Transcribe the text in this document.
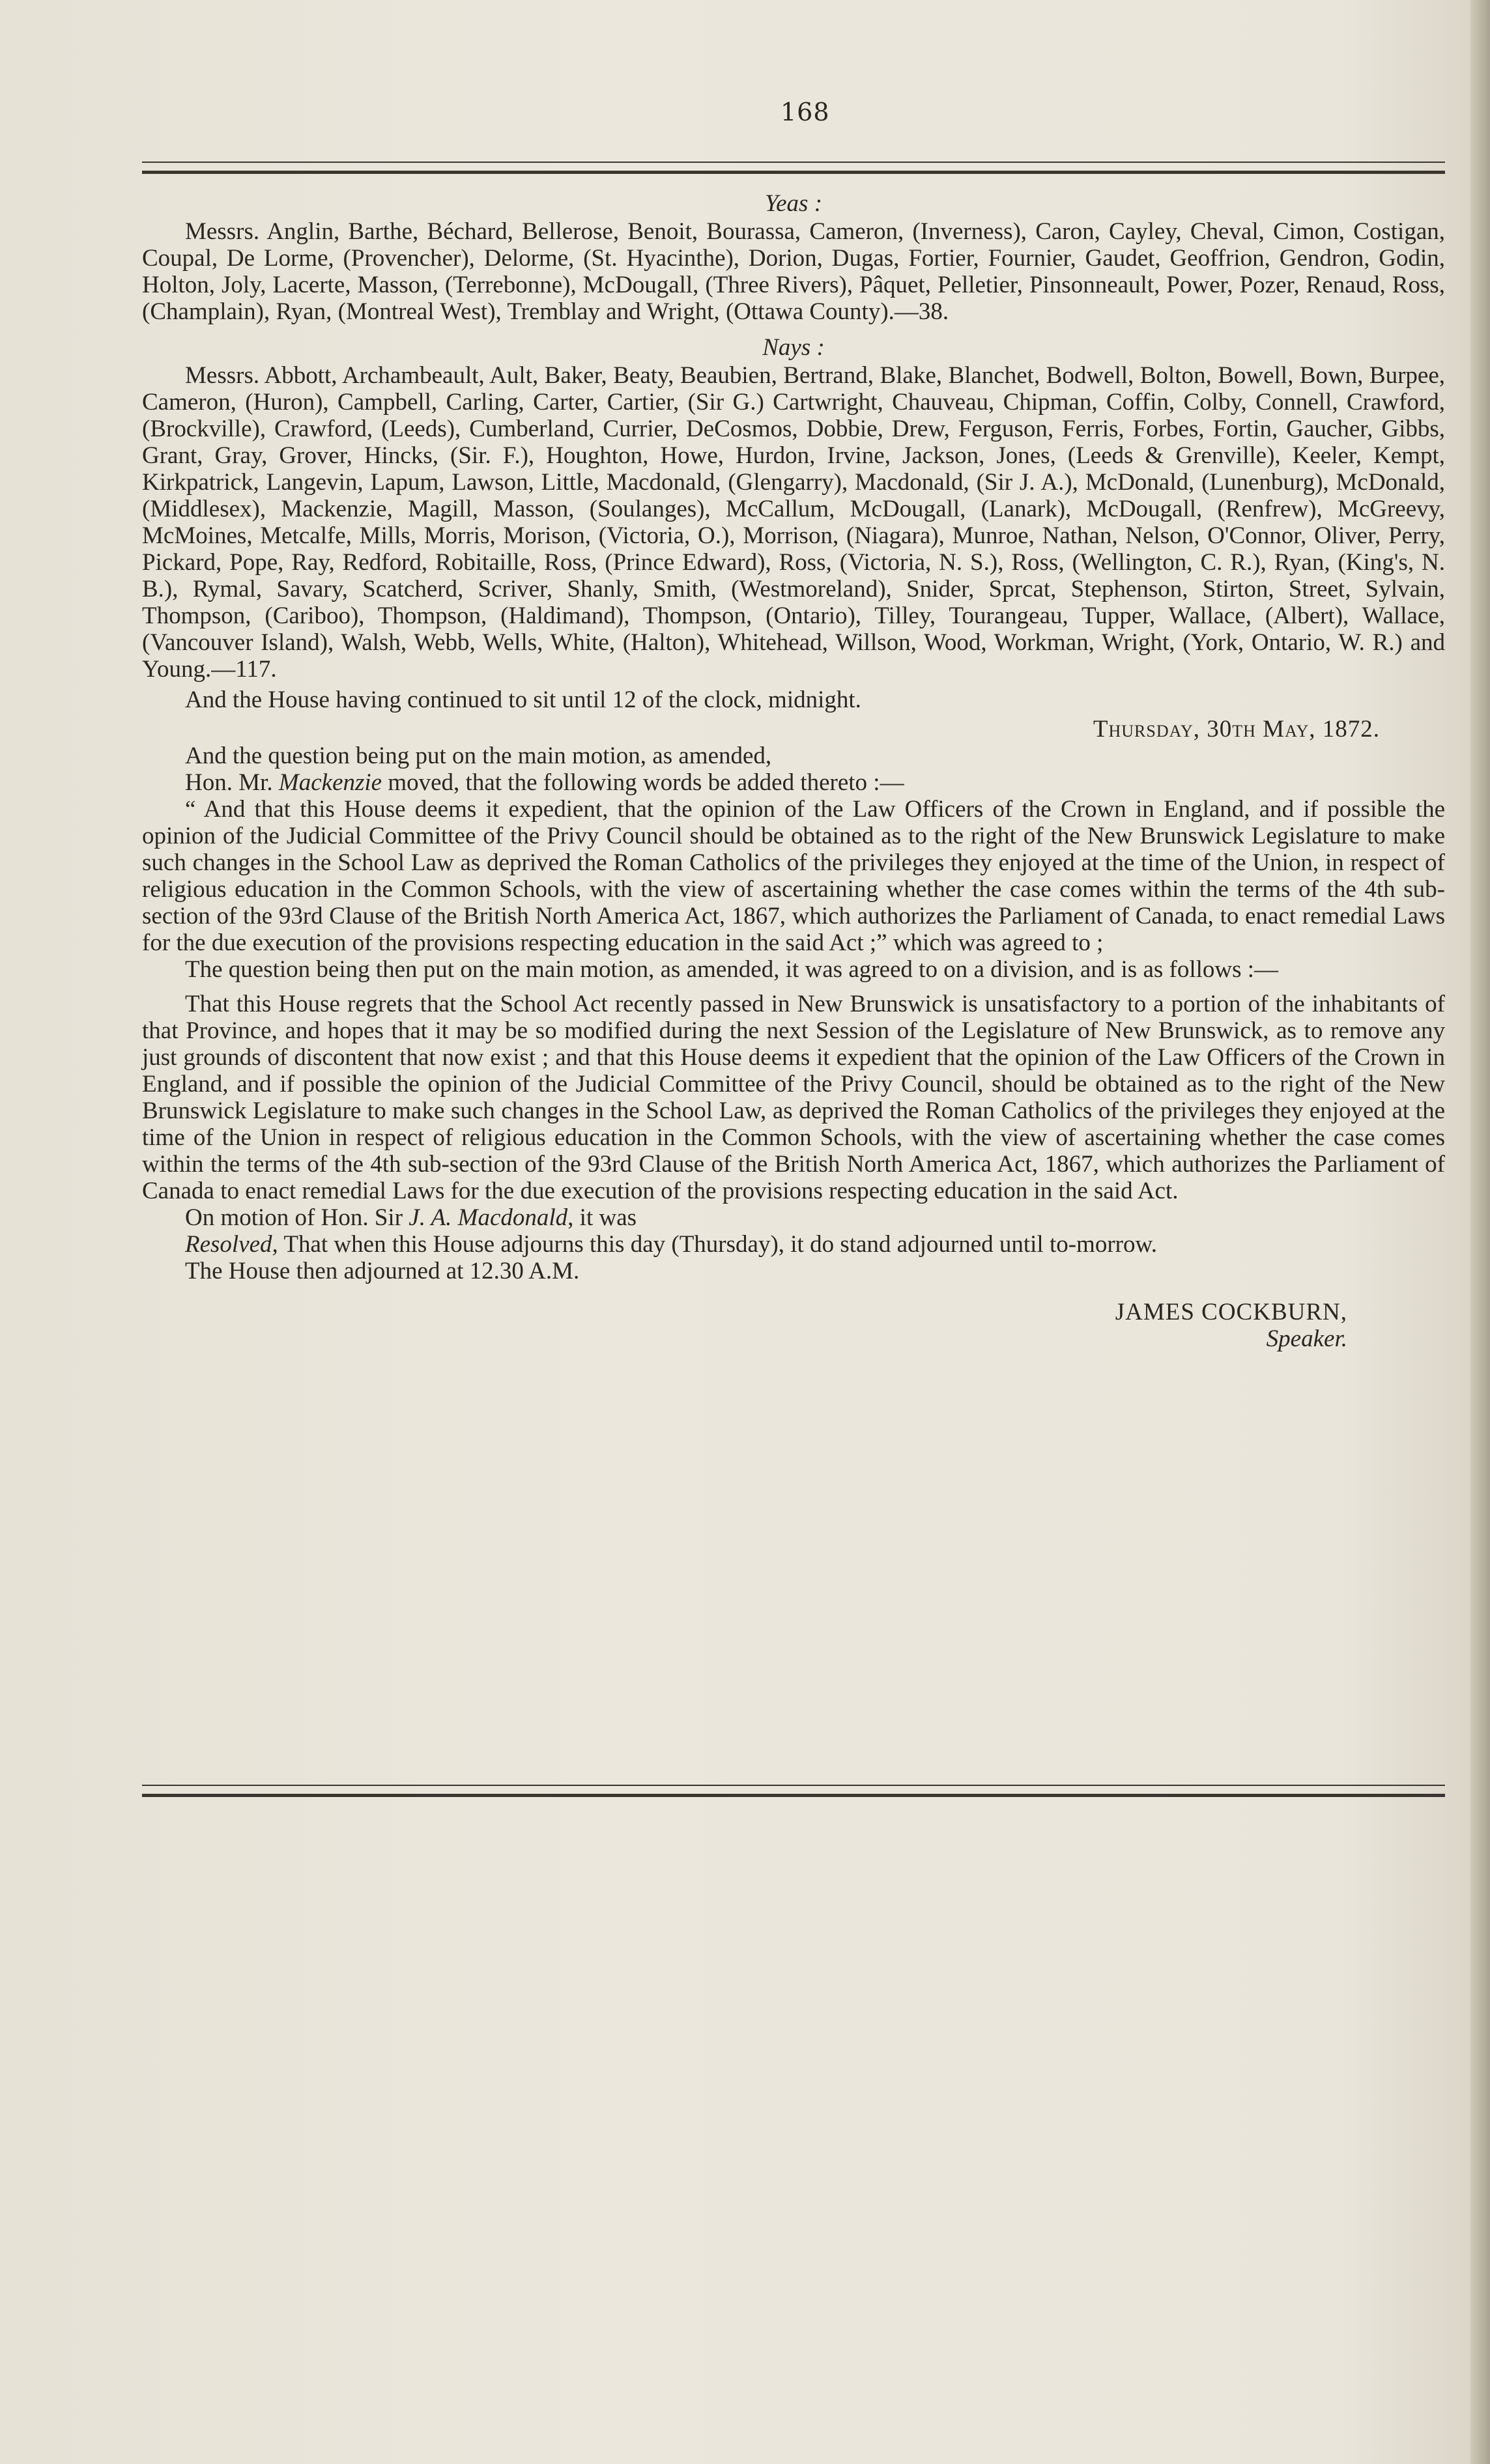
168
Yeas :

Messrs. Anglin, Barthe, Béchard, Bellerose, Benoit, Bourassa, Cameron, (Inverness), Caron, Cayley, Cheval, Cimon, Costigan, Coupal, De Lorme, (Provencher), Delorme, (St. Hyacinthe), Dorion, Dugas, Fortier, Fournier, Gaudet, Geoffrion, Gendron, Godin, Holton, Joly, Lacerte, Masson, (Terrebonne), McDougall, (Three Rivers), Pâquet, Pelletier, Pinsonneault, Power, Pozer, Renaud, Ross, (Champlain), Ryan, (Montreal West), Tremblay and Wright, (Ottawa County).—38.

Nays :

Messrs. Abbott, Archambeault, Ault, Baker, Beaty, Beaubien, Bertrand, Blake, Blanchet, Bodwell, Bolton, Bowell, Bown, Burpee, Cameron, (Huron), Campbell, Carling, Carter, Cartier, (Sir G.) Cartwright, Chauveau, Chipman, Coffin, Colby, Connell, Crawford, (Brockville), Crawford, (Leeds), Cumberland, Currier, DeCosmos, Dobbie, Drew, Ferguson, Ferris, Forbes, Fortin, Gaucher, Gibbs, Grant, Gray, Grover, Hincks, (Sir. F.), Houghton, Howe, Hurdon, Irvine, Jackson, Jones, (Leeds & Grenville), Keeler, Kempt, Kirkpatrick, Langevin, Lapum, Lawson, Little, Macdonald, (Glengarry), Macdonald, (Sir J. A.), McDonald, (Lunenburg), McDonald, (Middlesex), Mackenzie, Magill, Masson, (Soulanges), McCallum, McDougall, (Lanark), McDougall, (Renfrew), McGreevy, McMoines, Metcalfe, Mills, Morris, Morison, (Victoria, O.), Morrison, (Niagara), Munroe, Nathan, Nelson, O'Connor, Oliver, Perry, Pickard, Pope, Ray, Redford, Robitaille, Ross, (Prince Edward), Ross, (Victoria, N. S.), Ross, (Wellington, C. R.), Ryan, (King's, N. B.), Rymal, Savary, Scatcherd, Scriver, Shanly, Smith, (Westmoreland), Snider, Sprcat, Stephenson, Stirton, Street, Sylvain, Thompson, (Cariboo), Thompson, (Haldimand), Thompson, (Ontario), Tilley, Tourangeau, Tupper, Wallace, (Albert), Wallace, (Vancouver Island), Walsh, Webb, Wells, White, (Halton), Whitehead, Willson, Wood, Workman, Wright, (York, Ontario, W. R.) and Young.—117.

And the House having continued to sit until 12 of the clock, midnight.

Thursday, 30th May, 1872.

And the question being put on the main motion, as amended,

Hon. Mr. Mackenzie moved, that the following words be added thereto :—

“ And that this House deems it expedient, that the opinion of the Law Officers of the Crown in England, and if possible the opinion of the Judicial Committee of the Privy Council should be obtained as to the right of the New Brunswick Legislature to make such changes in the School Law as deprived the Roman Catholics of the privileges they enjoyed at the time of the Union, in respect of religious education in the Common Schools, with the view of ascertaining whether the case comes within the terms of the 4th sub-section of the 93rd Clause of the British North America Act, 1867, which authorizes the Parliament of Canada, to enact remedial Laws for the due execution of the provisions respecting education in the said Act ;” which was agreed to ;

The question being then put on the main motion, as amended, it was agreed to on a division, and is as follows :—

That this House regrets that the School Act recently passed in New Brunswick is unsatisfactory to a portion of the inhabitants of that Province, and hopes that it may be so modified during the next Session of the Legislature of New Brunswick, as to remove any just grounds of discontent that now exist ; and that this House deems it expedient that the opinion of the Law Officers of the Crown in England, and if possible the opinion of the Judicial Committee of the Privy Council, should be obtained as to the right of the New Brunswick Legislature to make such changes in the School Law, as deprived the Roman Catholics of the privileges they enjoyed at the time of the Union in respect of religious education in the Common Schools, with the view of ascertaining whether the case comes within the terms of the 4th sub-section of the 93rd Clause of the British North America Act, 1867, which authorizes the Parliament of Canada to enact remedial Laws for the due execution of the provisions respecting education in the said Act.

On motion of Hon. Sir J. A. Macdonald, it was

Resolved, That when this House adjourns this day (Thursday), it do stand adjourned until to-morrow.

The House then adjourned at 12.30 A.M.

JAMES COCKBURN,
Speaker.
